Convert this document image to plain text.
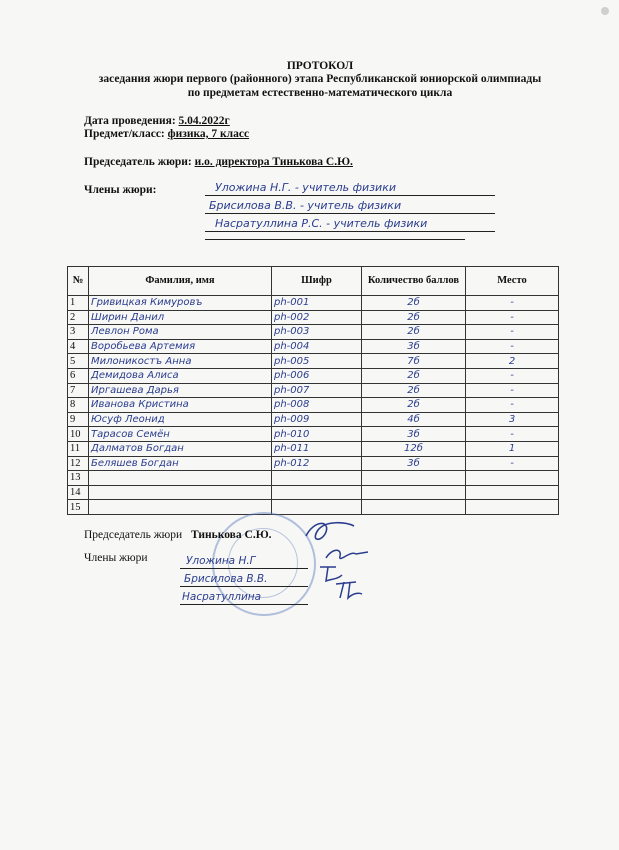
ПРОТОКОЛ
заседания жюри первого (районного) этапа Республиканской юниорской олимпиады
по предметам естественно-математического цикла
Дата проведения: 5.04.2022г
Предмет/класс: физика, 7 класс
Председатель жюри: и.о. директора Тинькова С.Ю.
Члены жюри:	Уложина Н.Г. - учитель физики
Брисилова В.В. - учитель физики
Насратуллина Р.С. - учитель физики
№	Фамилия, имя	Шифр	Количество баллов	Место
1	Гривицкая Кимуровъ	рh-001	2б	-
2	Ширин Данил	рh-002	2б	-
3	Левлон Рома	рh-003	2б	-
4	Воробьева Артемия	рh-004	3б	-
5	Милоникостъ Анна	рh-005	7б	2
6	Демидова Алиса	рh-006	2б	-
7	Иргашева Дарья	рh-007	2б	-
8	Иванова Кристина	рh-008	2б	-
9	Юсуф Леонид	рh-009	4б	3
10	Тарасов Семён	рh-010	3б	-
11	Далматов Богдан	рh-011	12б	1
12	Беляшев Богдан	рh-012	3б	-
13				
14				
15				
Председатель жюри Тинькова С.Ю.
Члены жюри	Уложина Н.Г
Брисилова В.В.
Насратуллина
